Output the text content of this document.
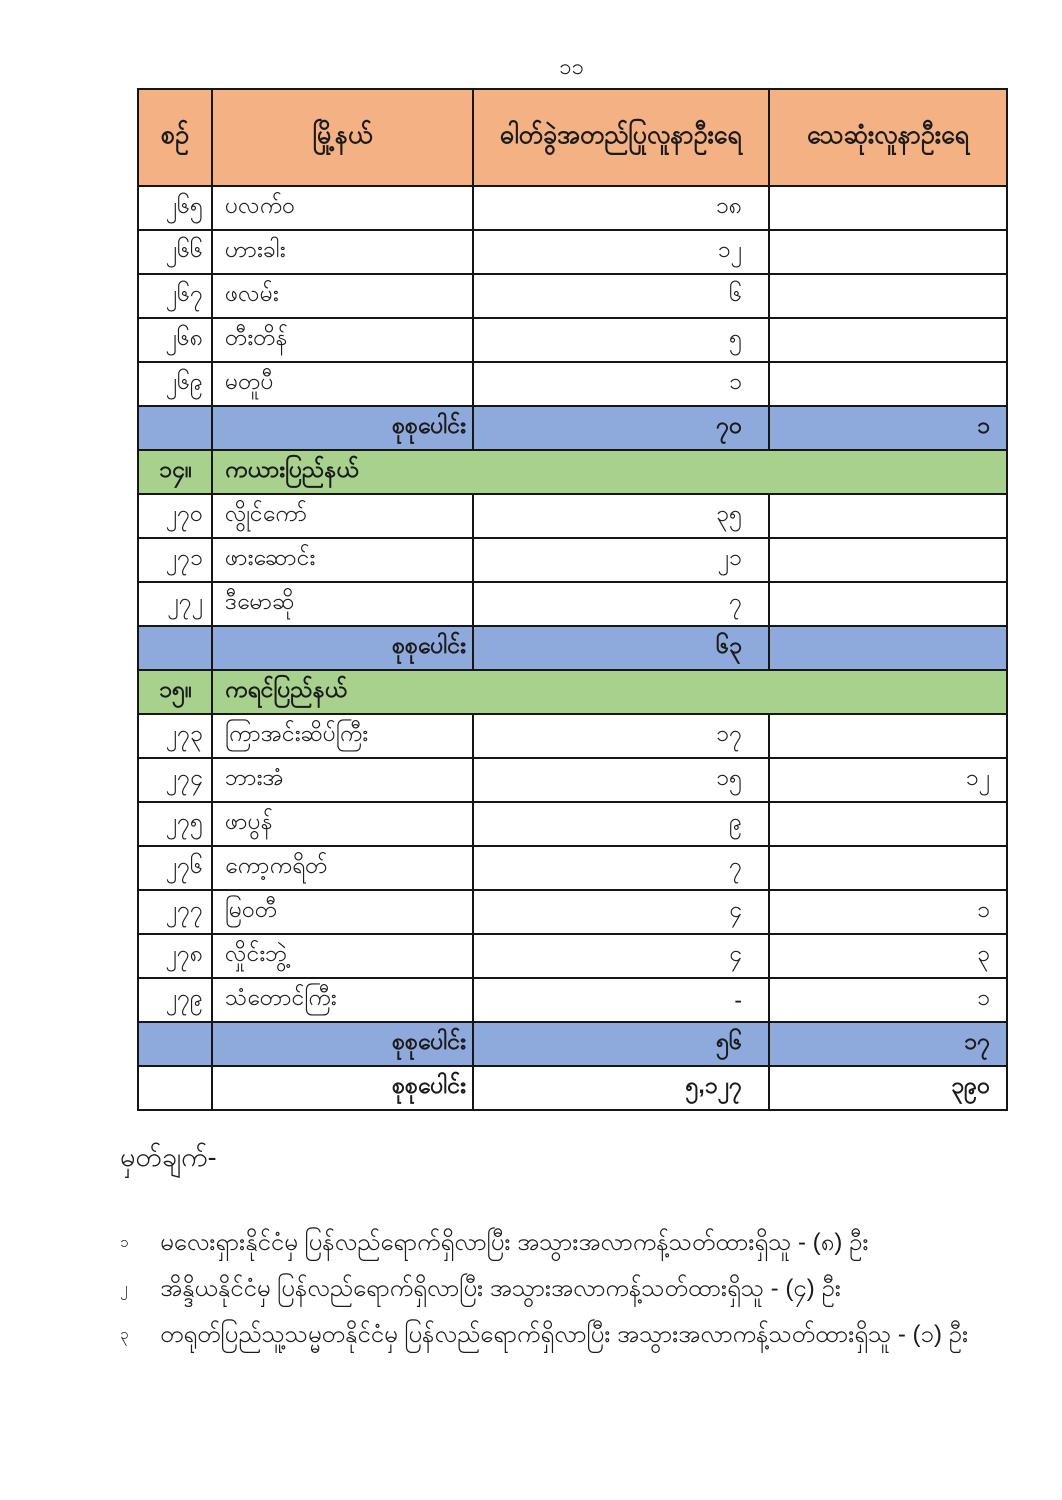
၁၁
စဉ်	မြို့နယ်	ဓါတ်ခွဲအတည်ပြုလူနာဦးရေ	သေဆုံးလူနာဦးရေ
၂၆၅	ပလက်ဝ	၁၈	
၂၆၆	ဟားခါး	၁၂	
၂၆၇	ဖလမ်း	၆	
၂၆၈	တီးတိန်	၅	
၂၆၉	မတူပီ	၁	
	စုစုပေါင်း	၇၀	၁
၁၄။	ကယားပြည်နယ်		
၂၇၀	လွိုင်ကော်	၃၅	
၂၇၁	ဖားဆောင်း	၂၁	
၂၇၂	ဒီမောဆို	၇	
	စုစုပေါင်း	၆၃	
၁၅။	ကရင်ပြည်နယ်		
၂၇၃	ကြာအင်းဆိပ်ကြီး	၁၇	
၂၇၄	ဘားအံ	၁၅	၁၂
၂၇၅	ဖာပွန်	၉	
၂၇၆	ကော့ကရိတ်	၇	
၂၇၇	မြဝတီ	၄	၁
၂၇၈	လှိုင်းဘွဲ့	၄	၃
၂၇၉	သံတောင်ကြီး	-	၁
	စုစုပေါင်း	၅၆	၁၇
	စုစုပေါင်း	၅,၁၂၇	၃၉၀
မှတ်ချက်-
၁	မလေးရှားနိုင်ငံမှ ပြန်လည်ရောက်ရှိလာပြီး အသွားအလာကန့်သတ်ထားရှိသူ - (၈) ဦး
၂	အိန္ဒိယနိုင်ငံမှ ပြန်လည်ရောက်ရှိလာပြီး အသွားအလာကန့်သတ်ထားရှိသူ - (၄) ဦး
၃	တရုတ်ပြည်သူ့သမ္မတနိုင်ငံမှ ပြန်လည်ရောက်ရှိလာပြီး အသွားအလာကန့်သတ်ထားရှိသူ - (၁) ဦး
